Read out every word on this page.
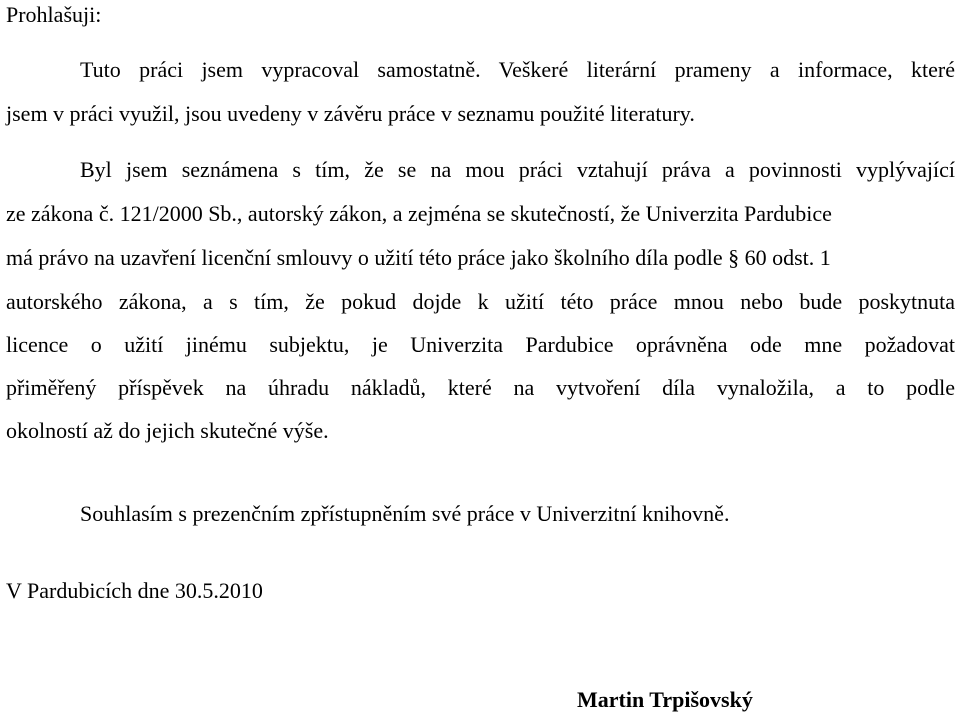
Prohlašuji:

Tuto práci jsem vypracoval samostatně. Veškeré literární prameny a informace, které

jsem v práci využil, jsou uvedeny v závěru práce v seznamu použité literatury.

Byl jsem seznámena s tím, že se na mou práci vztahují práva a povinnosti vyplývající

ze zákona č. 121/2000 Sb., autorský zákon, a zejména se skutečností, že Univerzita Pardubice

má právo na uzavření licenční smlouvy o užití této práce jako školního díla podle § 60 odst. 1

autorského zákona, a s tím, že pokud dojde k užití této práce mnou nebo bude poskytnuta

licence o užití jinému subjektu, je Univerzita Pardubice oprávněna ode mne požadovat

přiměřený příspěvek na úhradu nákladů, které na vytvoření díla vynaložila, a to podle

okolností až do jejich skutečné výše.

Souhlasím s prezenčním zpřístupněním své práce v Univerzitní knihovně.

V Pardubicích dne 30.5.2010

Martin Trpišovský
